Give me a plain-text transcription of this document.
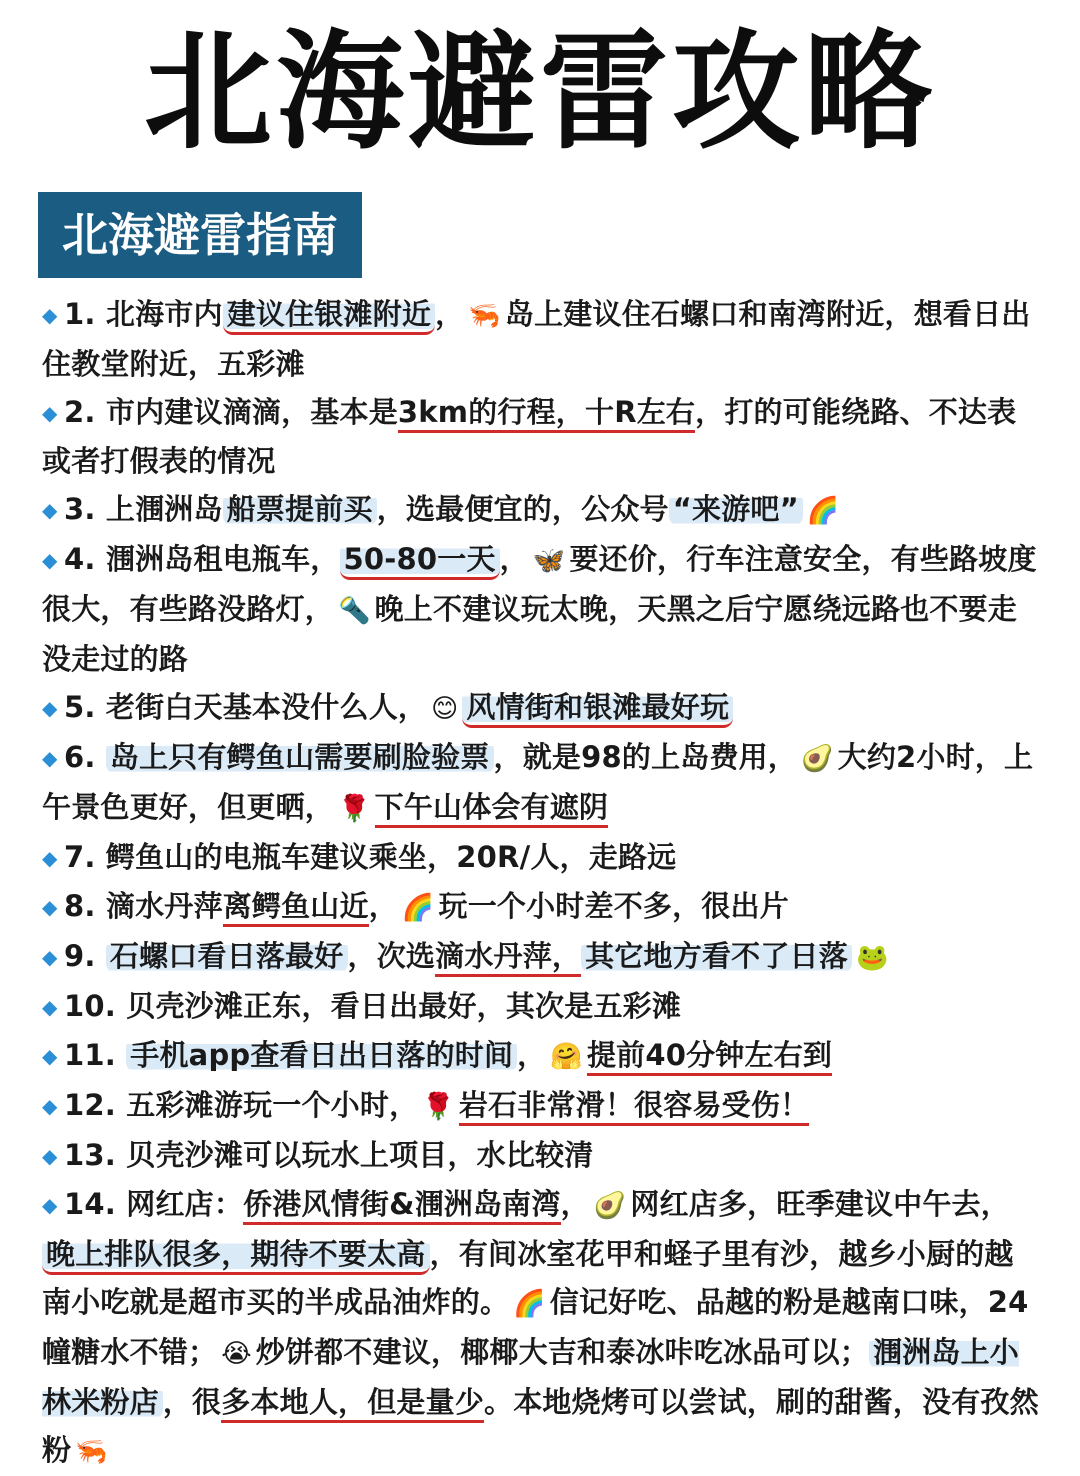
北海避雷攻略
北海避雷指南

◆ 1. 北海市内 建议住银滩附近 ， 🦐 岛上建议住石螺口和南湾附近，想看日出住教堂附近，五彩滩

◆ 2. 市内建议滴滴，基本是3km的行程，十R左右，打的可能绕路、不达表或者打假表的情况

◆ 3. 上涠洲岛 船票提前买 ，选最便宜的，公众号 “来游吧” 🌈

◆ 4. 涠洲岛租电瓶车， 50-80一天 ， 🦋 要还价，行车注意安全，有些路坡度很大，有些路没路灯， 🔦 晚上不建议玩太晚，天黑之后宁愿绕远路也不要走没走过的路

◆ 5. 老街白天基本没什么人， 😊 风情街和银滩最好玩

◆ 6. 岛上只有鳄鱼山需要刷脸验票 ，就是98的上岛费用， 🥑 大约2小时，上午景色更好，但更晒， 🌹 下午山体会有遮阴

◆ 7. 鳄鱼山的电瓶车建议乘坐，20R/人，走路远

◆ 8. 滴水丹萍离鳄鱼山近， 🌈 玩一个小时差不多，很出片

◆ 9. 石螺口看日落最好 ，次选滴水丹萍， 其它地方看不了日落 🐸

◆ 10. 贝壳沙滩正东，看日出最好，其次是五彩滩

◆ 11. 手机app查看日出日落的时间 ， 🤗 提前40分钟左右到

◆ 12. 五彩滩游玩一个小时， 🌹 岩石非常滑！很容易受伤！

◆ 13. 贝壳沙滩可以玩水上项目，水比较清

◆ 14. 网红店：侨港风情街&涠洲岛南湾， 🥑 网红店多，旺季建议中午去，晚上排队很多，期待不要太高 ，有间冰室花甲和蛏子里有沙，越乡小厨的越南小吃就是超市买的半成品油炸的。 🌈 信记好吃、品越的粉是越南口味，24幢糖水不错； 😭 炒饼都不建议，椰椰大吉和泰冰咔吃冰品可以； 涠洲岛上小林米粉店 ，很多本地人，但是量少。本地烧烤可以尝试，刷的甜酱，没有孜然粉 🦐
